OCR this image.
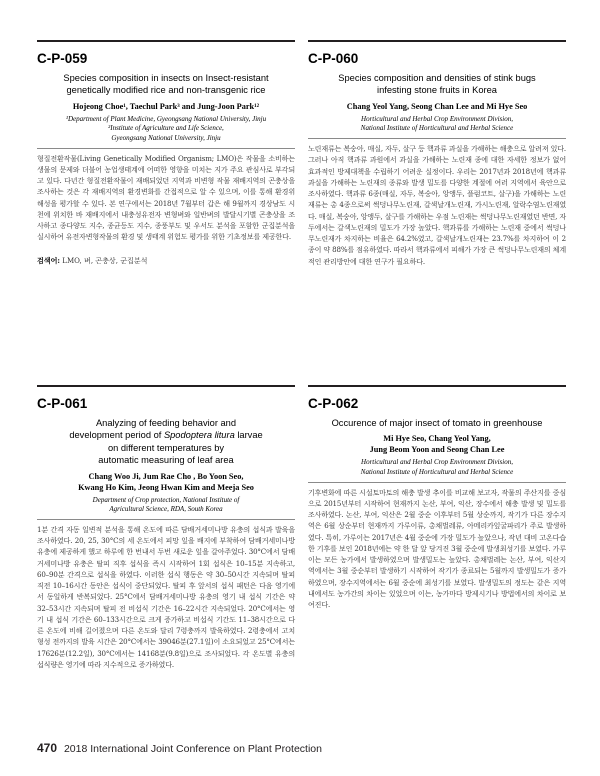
C-P-059
Species composition in insects on Insect-resistant
genetically modified rice and non-transgenic rice
Hojeong Choe¹, Taechul Park³ and Jung-Joon Park¹²
¹Department of Plant Medicine, Gyeongsang National University, Jinju
²Institute of Agriculture and Life Science,
Gyeongsang National University, Jinju

형질전환작물(Living Genetically Modified Organism; LMO)은 작물을 소비하는 생물의 문제와 더불어 농업생태계에 어떠한 영향을 미치는 지가 주요 관심사로 부각되고 있다. 다년간 형질전환작물이 재배되었던 지역과 비변형 작물 재배지역의 곤충상을 조사하는 것은 각 재배지역의 환경변화를 간접적으로 알 수 있으며, 이를 통해 환경위해성을 평가할 수 있다. 본 연구에서는 2018년 7월부터 갑은 해 9월까지 경상남도 시천에 위치한 바 재배지에서 내충성유전자 변형벼와 일반벼의 발달시기별 곤충상을 조사하고 종다양도 지수, 종균등도 지수, 종풍부도 및 우서도 분석을 포함한 군집분석을 실시하여 유전자변형작물의 환경 및 생태계 위험도 평가를 위한 기초정보를 제공한다.

검색어: LMO, 벼, 곤충상, 군집분석

C-P-060
Species composition and densities of stink bugs
infesting stone fruits in Korea
Chang Yeol Yang, Seong Chan Lee and Mi Hye Seo
Horticultural and Herbal Crop Environment Division,
National Institute of Horticultural and Herbal Science

노린재류는 복숭아, 매실, 자두, 살구 등 핵과류 과실을 가해하는 해충으로 알려져 있다. 그러나 아직 핵과류 과원에서 과실을 가해하는 노린재 종에 대한 자세한 정보가 없어 효과적인 방제대책을 수립하기 어려운 실정이다. 우리는 2017년과 2018년에 핵과류 과실을 가해하는 노린재의 종류와 발생 밀도를 다양한 계절에 여러 지역에서 육안으로 조사하였다. 핵과류 6종(매실, 자두, 복숭아, 앙앵두, 플럼코트, 살구)을 가해하는 노린재류는 총 4종으로써 썩덩나무노린재, 갈색날개노린재, 가시노린재, 알락수염노린재였다. 매실, 복숭아, 앙앵두, 살구를 가해하는 우점 노린재는 썩덩나무노린재였던 반면, 자두에서는 갈색노린재의 밀도가 가장 높았다. 핵과류를 가해하는 노린재 중에서 썩덩나무노린재가 차지하는 비율은 64.2%였고, 갈색날개노린재는 23.7%를 차지하여 이 2종이 약 88%를 점유하였다. 따라서 핵과류에서 피해가 가장 큰 썩덩나무노린재의 체계적인 관리방안에 대한 연구가 필요하다.

C-P-061
Analyzing of feeding behavior and
development period of Spodoptera litura larvae
on different temperatures by
automatic measuring of leaf area
Chang Woo Ji, Jum Rae Cho , Bo Yoon Seo,
Kwang Ho Kim, Jeong Hwan Kim and Meeja Seo
Department of Crop protection, National Institute of
Agricultural Science, RDA, South Korea

1분 간격 자동 일변적 분석을 통해 온도에 따른 담배거세미나방 유충의 섭식과 발육을 조사하였다. 20, 25, 30°C의 세 온도에서 피망 잎을 배지에 부착하여 담배거세미나방 유충에 제공하게 했고 하루에 한 번내서 두번 새로운 잎을 갈아주었다. 30°C에서 담배거세미나방 유충은 탈피 직후 섭식을 즉시 시작하여 1회 섭식은 10–15분 지속하고, 60–90분 간격으로 섭식을 하였다. 이러한 섭식 행동은 약 30–50시간 지속되며 탈피 직전 10–16시간 동안은 섭식이 중단되었다. 탈피 후 앞서의 섭식 패턴은 다음 영기에서 동일하게 반복되었다. 25°C에서 담배거세미나방 유충의 영기 내 섭식 기간은 약 32–53시간 지속되며 탈피 전 비섭식 기간은 16–22시간 지속되었다. 20°C에서는 영기 내 섭식 기간은 60–133시간으로 크게 증가하고 비섭식 기간도 11–38시간으로 다른 온도에 비해 길어졌으며 다른 온도와 달리 7령충까지 발육하였다. 2령충에서 고치 형성 전까지의 발육 시간은 20°C에서는 39046분(27.1일)이 소요되었고 25°C에서는 17626분(12.2일), 30°C에서는 14168분(9.8일)으로 조사되었다. 각 온도별 유충의 섭식량은 영기에 따라 지수적으로 증가하였다.

C-P-062
Occurence of major insect of tomato in greenhouse
Mi Hye Seo, Chang Yeol Yang,
Jung Beom Yoon and Seong Chan Lee
Horticultural and Herbal Crop Environment Division,
National Institute of Horticultural and Herbal Science

기후변화에 따른 시설토마토의 해충 발생 추이를 비교해 보고자, 작물의 주산지를 중심으로 2015년부터 시작하여 현재까지 논산, 부여, 익산, 장수에서 해충 발생 및 밀도를 조사하였다. 논산, 부여, 익산은 2월 중순 이후부터 5월 상순까지, 작기가 다른 장수지역은 6월 상순부터 현재까지 가루이류, 총채벌레류, 아메리카잎굴파리가 주로 발생하였다. 특히, 가루이는 2017년은 4월 중순에 가장 밀도가 높았으나, 작년 대비 고온다습한 기후를 보인 2018년에는 약 한 달 앞 당겨진 3월 중순에 발생최성기를 보였다. 가루이는 모든 농가에서 발생하였으며 발생밀도는 높았다. 총채벌레는 논산, 부여, 익산지역에서는 3월 중순부터 발생하기 시작하여 작기가 종료되는 5월까지 발생밀도가 증가하였으며, 장수지역에서는 6월 중순에 최성기를 보였다. 발생밀도의 정도는 같은 지역 내에서도 농가간의 차이는 있었으며 이는, 농가마다 방제시기나 방법에서의 차이로 보여진다.

470 2018 International Joint Conference on Plant Protection
